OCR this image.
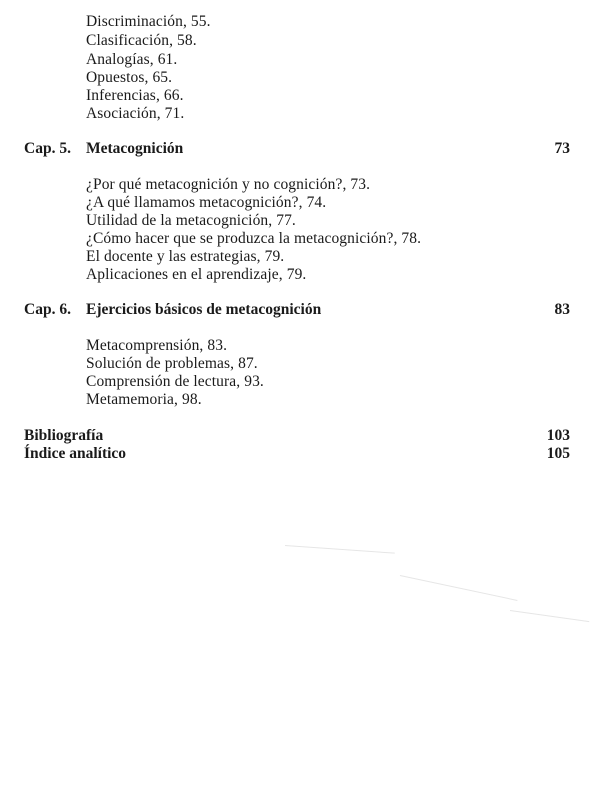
Discriminación, 55.
Clasificación, 58.
Analogías, 61.
Opuestos, 65.
Inferencias, 66.
Asociación, 71.
Cap. 5. Metacognición	73
¿Por qué metacognición y no cognición?, 73.
¿A qué llamamos metacognición?, 74.
Utilidad de la metacognición, 77.
¿Cómo hacer que se produzca la metacognición?, 78.
El docente y las estrategias, 79.
Aplicaciones en el aprendizaje, 79.
Cap. 6. Ejercicios básicos de metacognición	83
Metacomprensión, 83.
Solución de problemas, 87.
Comprensión de lectura, 93.
Metamemoria, 98.
Bibliografía	103
Índice analítico	105
